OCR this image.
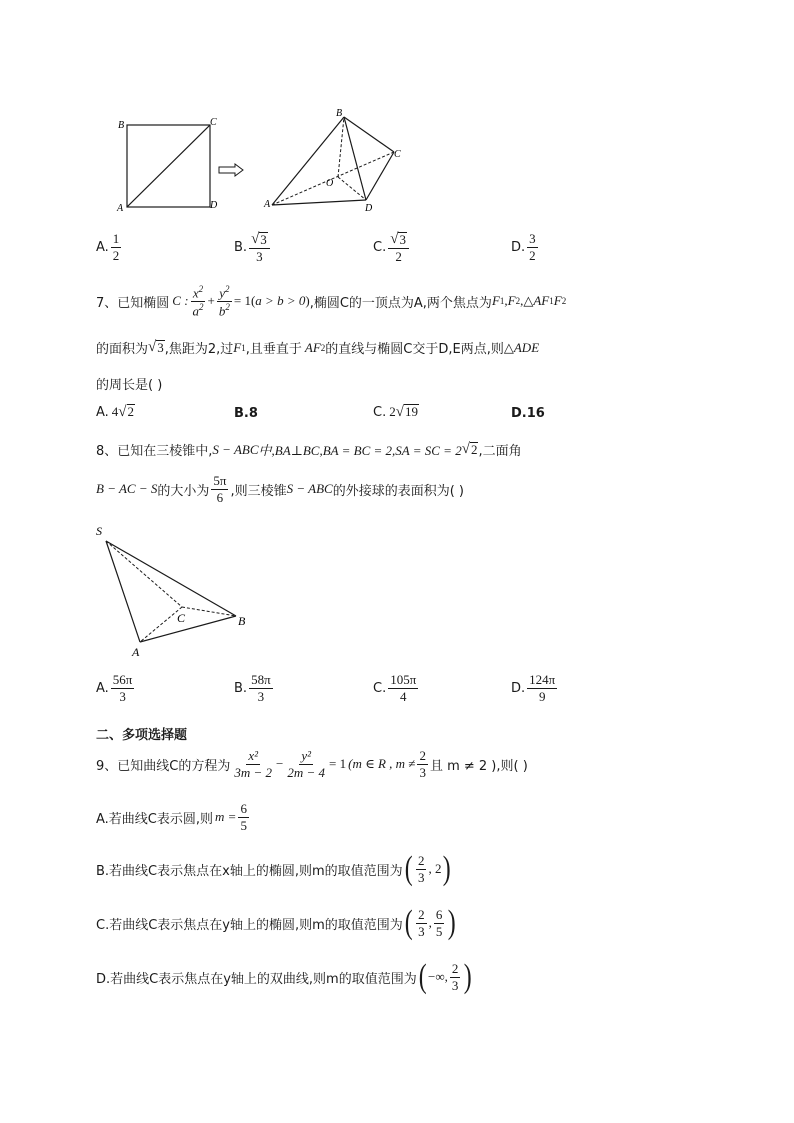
B	C
A	D
B
C
O
A	D
A. $\frac{1}{2}$	B. $\frac{√ 3}{3}$	C. $\frac{√ 3}{2}$	D. $\frac{3}{2}$
7、已知椭圆 C : $\frac{x^2}{a^2} + \frac{y^2}{b^2} = 1$( a > b > 0 ) ,椭圆C的一顶点为A,两个焦点为 F 1 , F 2 ,△ AF 1 F 2
的面积为 √ 3 ,焦距为2,过 F 1 ,且垂直于 AF 2 的直线与椭圆C交于D,E两点,则 △ ADE
的周长是( )
A. 4 √ 2	B.8	C. 2 √ 19	D.16
8、已知在三棱锥中, S − ABC 中,BA⊥BC,BA = BC = 2,SA = SC = 2 √ 2 ,二面角
B − AC − S 的大小为 $\frac{5\pi}{6}$ ,则三棱锥 S − ABC 的外接球的表面积为( )
S
C	B
A
A. $\frac{56\pi}{3}$	B. $\frac{58\pi}{3}$	C. $\frac{105\pi}{4}$	D. $\frac{124\pi}{9}$
二、多项选择题
9、已知曲线C的方程为 $\frac{\text{x²}}{3m - 2} - \frac{\text{y²}}{2m - 4} = 1$ (m ∈ R , $m \ne \frac{2}{3}$ 且 m ≠ 2 ),则( )
A.若曲线C表示圆,则 $m = \frac{6}{5}$
B.若曲线C表示焦点在x轴上的椭圆,则m的取值范围为 ( $\frac{2}{3}$ , 2 )
C.若曲线C表示焦点在y轴上的椭圆,则m的取值范围为 ( $\frac{2}{3}$ , $\frac{6}{5}$ )
D.若曲线C表示焦点在y轴上的双曲线,则m的取值范围为 ( −∞, $\frac{2}{3}$ )
